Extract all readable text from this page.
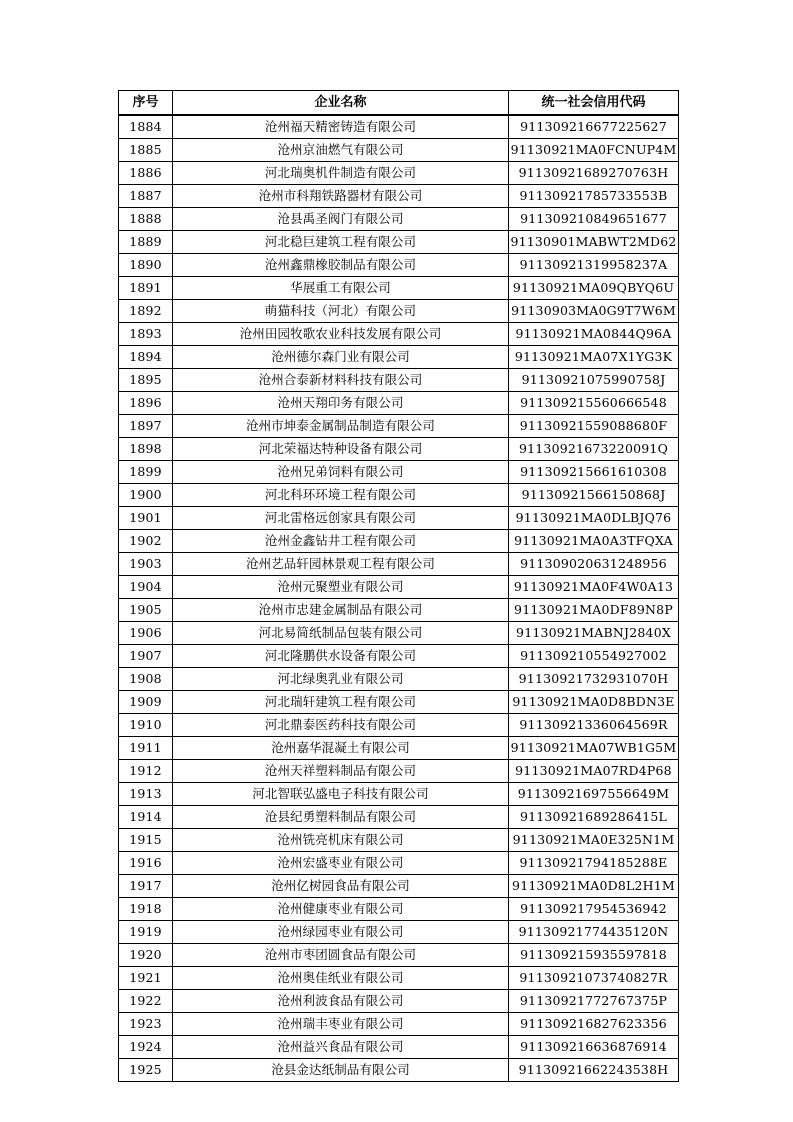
序号	企业名称	统一社会信用代码
1884	沧州福天精密铸造有限公司	91130921667722​5627
1885	沧州京油燃气有限公司	91130921MA0FCNUP4M
1886	河北瑞奥机件制造有限公司	91130921689270763H
1887	沧州市科翔铁路器材有限公司	91130921785733553B
1888	沧县禹圣阀门有限公司	911309210849651677
1889	河北稳巨建筑工程有限公司	91130901MABWT2MD62
1890	沧州鑫鼎橡胶制品有限公司	91130921319958237A
1891	华展重工有限公司	91130921MA09QBYQ6U
1892	萌猫科技（河北）有限公司	91130903MA0G9T7W6M
1893	沧州田园牧歌农业科技发展有限公司	91130921MA0844Q96A
1894	沧州德尔森门业有限公司	91130921MA07X1YG3K
1895	沧州合泰新材料科技有限公司	911309210759907​58J
1896	沧州天翔印务有限公司	911309215560666548
1897	沧州市坤泰金属制品制造有限公司	91130921559088680F
1898	河北荣福达特种设备有限公司	91130921673220091Q
1899	沧州兄弟饲料有限公司	911309215661610308
1900	河北科环环境工程有限公司	91130921566150868J
1901	河北雷格远创家具有限公司	91130921MA0DLBJQ76
1902	沧州金鑫钻井工程有限公司	91130921MA0A3TFQXA
1903	沧州艺品轩园林景观工程有限公司	911309020631248956
1904	沧州元聚塑业有限公司	91130921MA0F4W0A13
1905	沧州市忠建金属制品有限公司	91130921MA0DF89N8P
1906	河北易简纸制品包装有限公司	91130921MABNJ2840X
1907	河北隆鹏供水设备有限公司	911309210554927002
1908	河北绿奥乳业有限公司	91130921732931070H
1909	河北瑞轩建筑工程有限公司	91130921MA0D8BDN3E
1910	河北鼎泰医药科技有限公司	91130921336064569R
1911	沧州嘉华混凝土有限公司	91130921MA07WB1G5M
1912	沧州天祥塑料制品有限公司	91130921MA07RD4P68
1913	河北智联弘盛电子科技有限公司	91130921697556649M
1914	沧县纪勇塑料制品有限公司	91130921689286415L
1915	沧州铣亮机床有限公司	91130921MA0E325N1M
1916	沧州宏盛枣业有限公司	91130921794185288E
1917	沧州亿树园食品有限公司	91130921MA0D8L2H1M
1918	沧州健康枣业有限公司	911309217954536942
1919	沧州绿园枣业有限公司	91130921774435120N
1920	沧州市枣团圆食品有限公司	911309215935597818
1921	沧州奥佳纸业有限公司	91130921073740827R
1922	沧州利波食品有限公司	91130921772767375P
1923	沧州瑞丰枣业有限公司	911309216827623356
1924	沧州益兴食品有限公司	911309216636876914
1925	沧县金达纸制品有限公司	91130921662243538H
